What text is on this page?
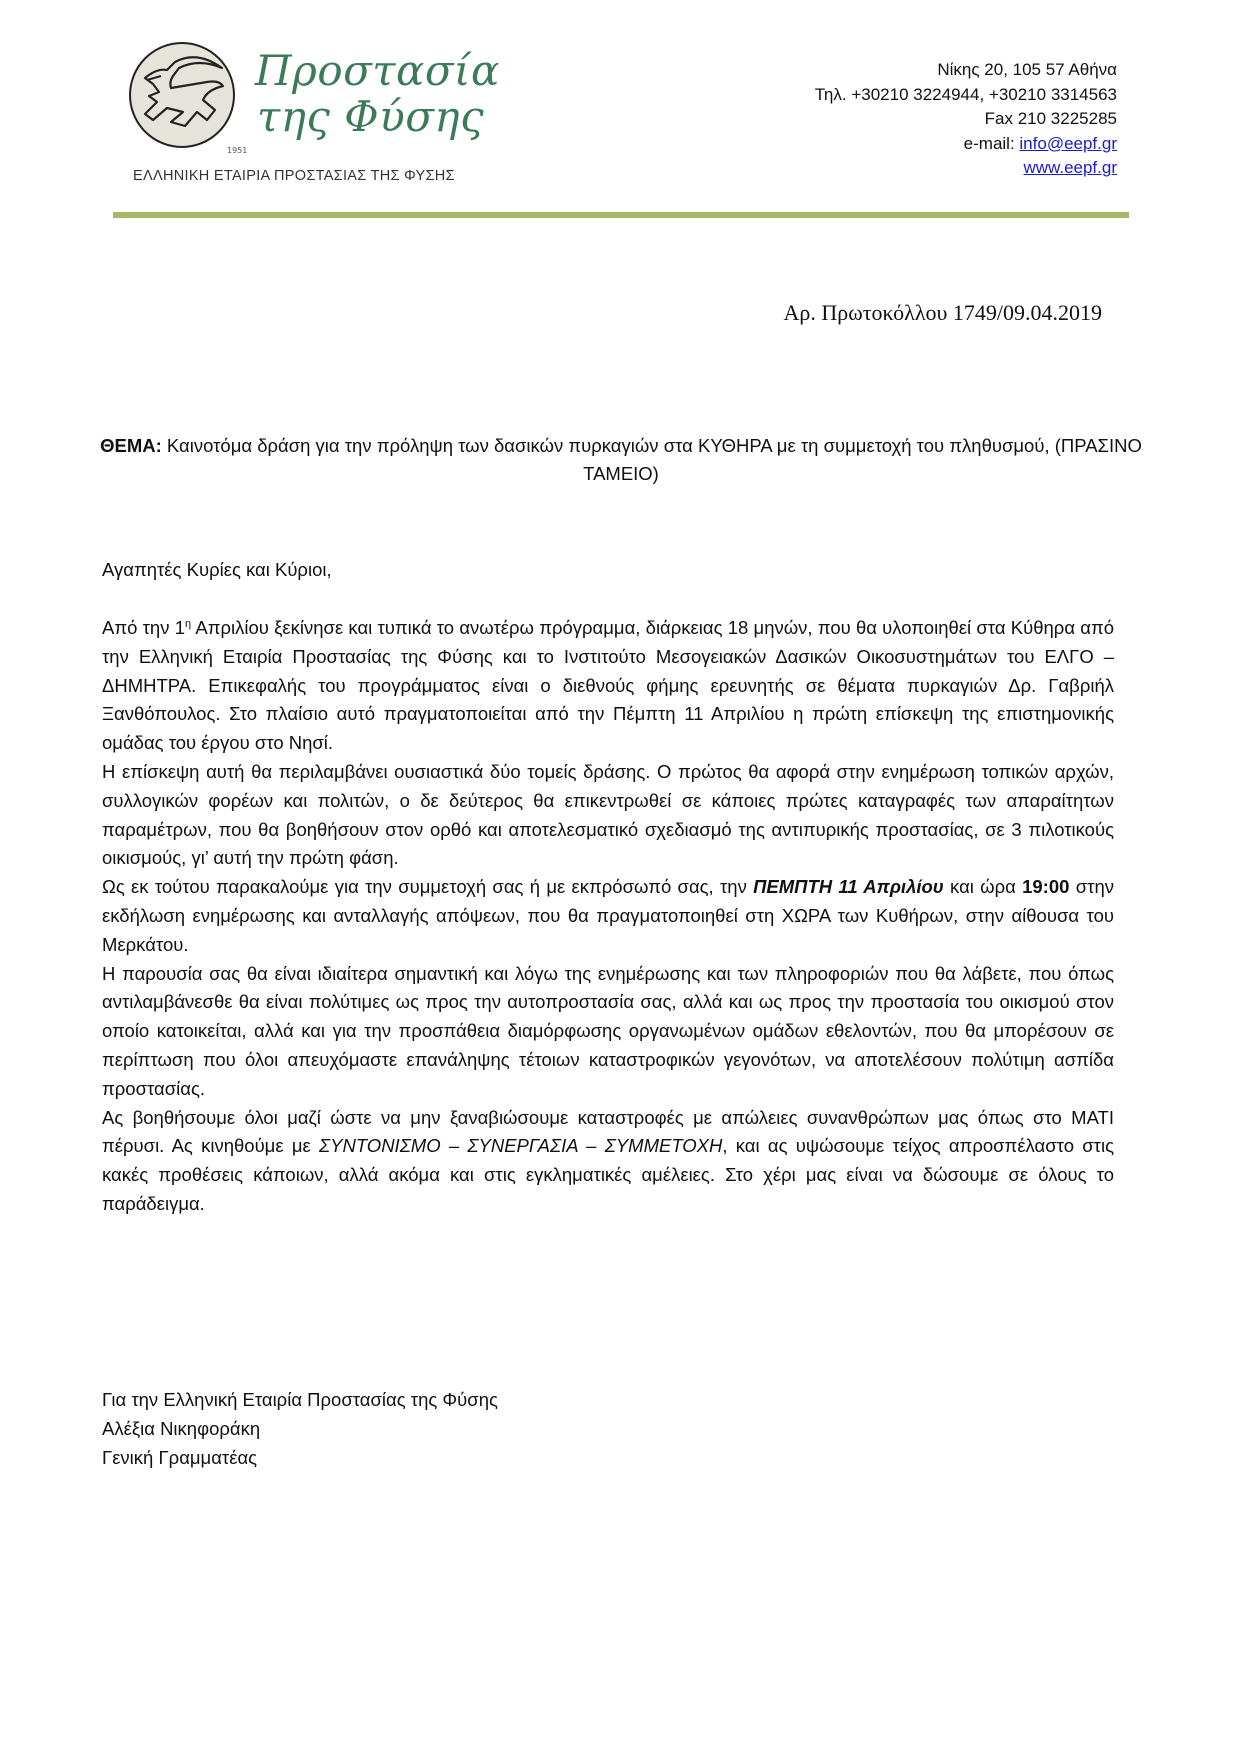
Προστασία
της Φύσης
1951
ΕΛΛΗΝΙΚΗ ΕΤΑΙΡΙΑ ΠΡΟΣΤΑΣΙΑΣ ΤΗΣ ΦΥΣΗΣ
Νίκης 20, 105 57 Αθήνα
Τηλ. +30210 3224944, +30210 3314563
Fax 210 3225285
e-mail: info@eepf.gr
www.eepf.gr
Αρ. Πρωτοκόλλου 1749/09.04.2019
ΘΕΜΑ: Καινοτόμα δράση για την πρόληψη των δασικών πυρκαγιών στα ΚΥΘΗΡΑ με τη συμμετοχή του πληθυσμού, (ΠΡΑΣΙΝΟ ΤΑΜΕΙΟ)
Αγαπητές Κυρίες και Κύριοι,

Από την $1^\eta$ Απριλίου ξεκίνησε και τυπικά το ανωτέρω πρόγραμμα, διάρκειας 18 μηνών, που θα υλοποιηθεί στα Κύθηρα από την Ελληνική Εταιρία Προστασίας της Φύσης και το Ινστιτούτο Μεσογειακών Δασικών Οικοσυστημάτων του ΕΛΓΟ – ΔΗΜΗΤΡΑ. Επικεφαλής του προγράμματος είναι ο διεθνούς φήμης ερευνητής σε θέματα πυρκαγιών Δρ. Γαβριήλ Ξανθόπουλος. Στο πλαίσιο αυτό πραγματοποιείται από την Πέμπτη 11 Απριλίου η πρώτη επίσκεψη της επιστημονικής ομάδας του έργου στο Νησί.

Η επίσκεψη αυτή θα περιλαμβάνει ουσιαστικά δύο τομείς δράσης. Ο πρώτος θα αφορά στην ενημέρωση τοπικών αρχών, συλλογικών φορέων και πολιτών, ο δε δεύτερος θα επικεντρωθεί σε κάποιες πρώτες καταγραφές των απαραίτητων παραμέτρων, που θα βοηθήσουν στον ορθό και αποτελεσματικό σχεδιασμό της αντιπυρικής προστασίας, σε 3 πιλοτικούς οικισμούς, γι’ αυτή την πρώτη φάση.

Ως εκ τούτου παρακαλούμε για την συμμετοχή σας ή με εκπρόσωπό σας, την ΠΕΜΠΤΗ 11 Απριλίου και ώρα 19:00 στην εκδήλωση ενημέρωσης και ανταλλαγής απόψεων, που θα πραγματοποιηθεί στη ΧΩΡΑ των Κυθήρων, στην αίθουσα του Μερκάτου.

Η παρουσία σας θα είναι ιδιαίτερα σημαντική και λόγω της ενημέρωσης και των πληροφοριών που θα λάβετε, που όπως αντιλαμβάνεσθε θα είναι πολύτιμες ως προς την αυτοπροστασία σας, αλλά και ως προς την προστασία του οικισμού στον οποίο κατοικείται, αλλά και για την προσπάθεια διαμόρφωσης οργανωμένων ομάδων εθελοντών, που θα μπορέσουν σε περίπτωση που όλοι απευχόμαστε επανάληψης τέτοιων καταστροφικών γεγονότων, να αποτελέσουν πολύτιμη ασπίδα προστασίας.

Ας βοηθήσουμε όλοι μαζί ώστε να μην ξαναβιώσουμε καταστροφές με απώλειες συνανθρώπων μας όπως στο ΜΑΤΙ πέρυσι. Ας κινηθούμε με ΣΥΝΤΟΝΙΣΜΟ – ΣΥΝΕΡΓΑΣΙΑ – ΣΥΜΜΕΤΟΧΗ, και ας υψώσουμε τείχος απροσπέλαστο στις κακές προθέσεις κάποιων, αλλά ακόμα και στις εγκληματικές αμέλειες. Στο χέρι μας είναι να δώσουμε σε όλους το παράδειγμα.

Για την Ελληνική Εταιρία Προστασίας της Φύσης
Αλέξια Νικηφοράκη
Γενική Γραμματέας
